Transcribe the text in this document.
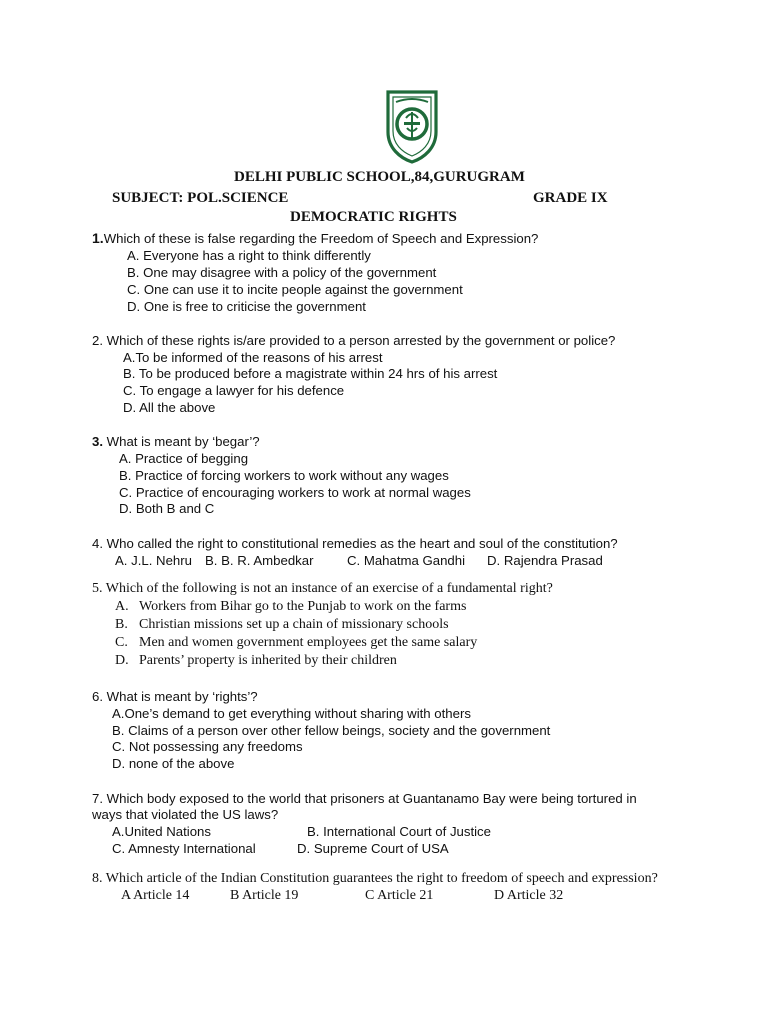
DELHI PUBLIC SCHOOL,84,GURUGRAM
SUBJECT: POL.SCIENCE	GRADE IX
DEMOCRATIC RIGHTS
1.Which of these is false regarding the Freedom of Speech and Expression?
A. Everyone has a right to think differently
B. One may disagree with a policy of the government
C. One can use it to incite people against the government
D. One is free to criticise the government
2. Which of these rights is/are provided to a person arrested by the government or police?
A.To be informed of the reasons of his arrest
B. To be produced before a magistrate within 24 hrs of his arrest
C. To engage a lawyer for his defence
D. All the above
3. What is meant by ‘begar’?
A. Practice of begging
B. Practice of forcing workers to work without any wages
C. Practice of encouraging workers to work at normal wages
D. Both B and C
4. Who called the right to constitutional remedies as the heart and soul of the constitution?
A. J.L. Nehru B. B. R. Ambedkar	C. Mahatma Gandhi D. Rajendra Prasad
5. Which of the following is not an instance of an exercise of a fundamental right?
A. Workers from Bihar go to the Punjab to work on the farms
B. Christian missions set up a chain of missionary schools
C. Men and women government employees get the same salary
D. Parents’ property is inherited by their children
6. What is meant by ‘rights’?
A.One’s demand to get everything without sharing with others
B. Claims of a person over other fellow beings, society and the government
C. Not possessing any freedoms
D. none of the above
7. Which body exposed to the world that prisoners at Guantanamo Bay were being tortured in
ways that violated the US laws?
A.United Nations	B. International Court of Justice
C. Amnesty International	D. Supreme Court of USA
8. Which article of the Indian Constitution guarantees the right to freedom of speech and expression?
A Article 14	B Article 19	C Article 21	D Article 32
